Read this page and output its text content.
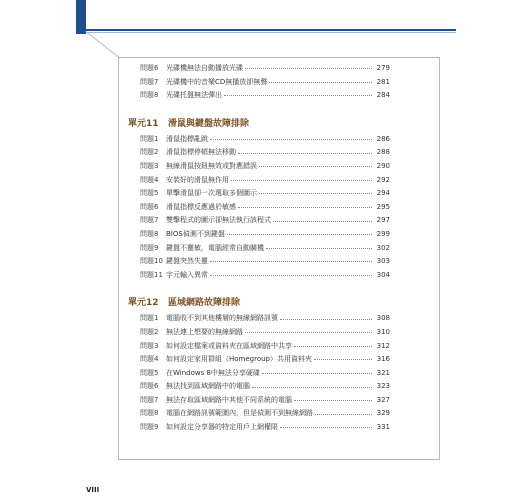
問題6	光碟機無法自動播放光碟	279
問題7	光碟機中的音樂CD無播放卻無聲	281
問題8	光碟托盤無法彈出	284
單元11	滑鼠與鍵盤故障排除
問題1	滑鼠指標亂跳	286
問題2	滑鼠指標停頓無法移動	288
問題3	無線滑鼠按鈕無效或對應錯誤	290
問題4	安裝好的滑鼠無作用	292
問題5	單擊滑鼠卻一次選取多個圖示	294
問題6	滑鼠指標反應過於敏感	295
問題7	雙擊程式的圖示卻無法執行該程式	297
問題8	BIOS偵測不到鍵盤	299
問題9	鍵盤不靈敏，電腦經常自動關機	302
問題10 鍵盤突然失靈	303
問題11 字元輸入異常	304
單元12	區域網路故障排除
問題1	電腦收不到其他樓層的無線網路訊號	308
問題2	無法連上想要的無線網路	310
問題3	如何設定檔案或資料夾在區域網路中共享	312
問題4	如何設定家用群組（Homegroup）共用資料夾	316
問題5	在Windows 8中無法分享硬碟	321
問題6	無法找到區域網路中的電腦	323
問題7	無法存取區域網路中其他不同系統的電腦	327
問題8	電腦在網路訊號範圍內，但是偵測不到無線網路	329
問題9	如何設定分享器的特定用戶上網權限	331
VIII
